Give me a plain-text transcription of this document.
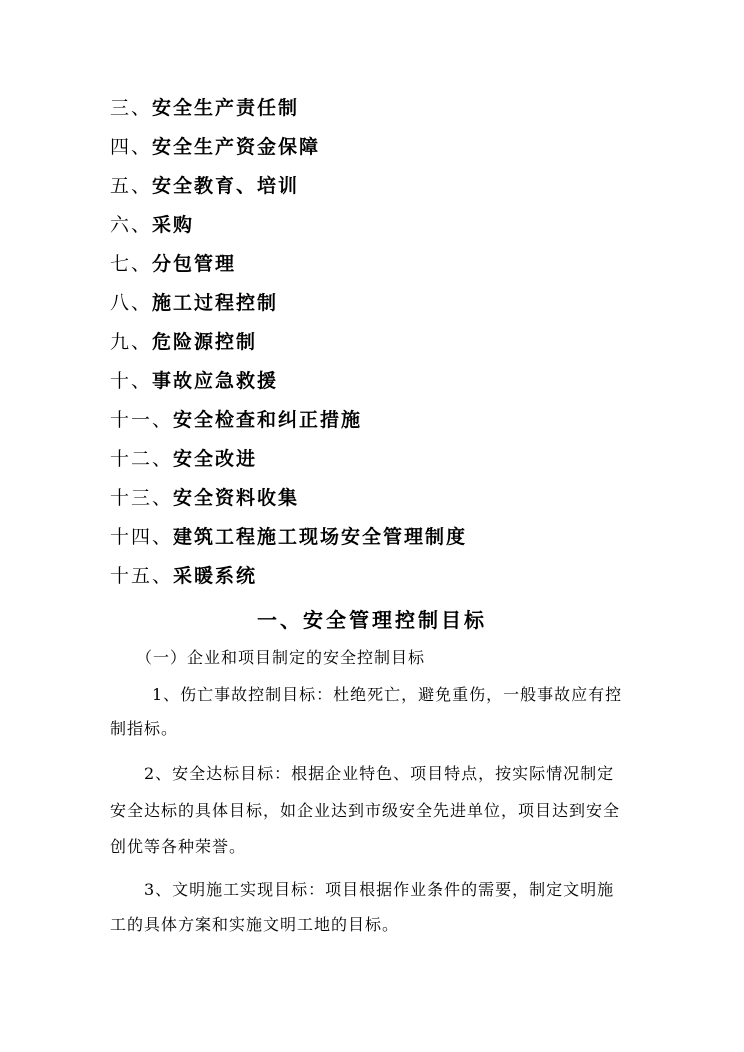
三、安全生产责任制
四、安全生产资金保障
五、安全教育、培训
六、采购
七、分包管理
八、施工过程控制
九、危险源控制
十、事故应急救援
十一、安全检查和纠正措施
十二、安全改进
十三、安全资料收集
十四、建筑工程施工现场安全管理制度
十五、采暖系统
一、安全管理控制目标
（一）企业和项目制定的安全控制目标
1、伤亡事故控制目标：杜绝死亡，避免重伤，一般事故应有控
制指标。
2、安全达标目标：根据企业特色、项目特点，按实际情况制定
安全达标的具体目标，如企业达到市级安全先进单位，项目达到安全
创优等各种荣誉。
3、文明施工实现目标：项目根据作业条件的需要，制定文明施
工的具体方案和实施文明工地的目标。
